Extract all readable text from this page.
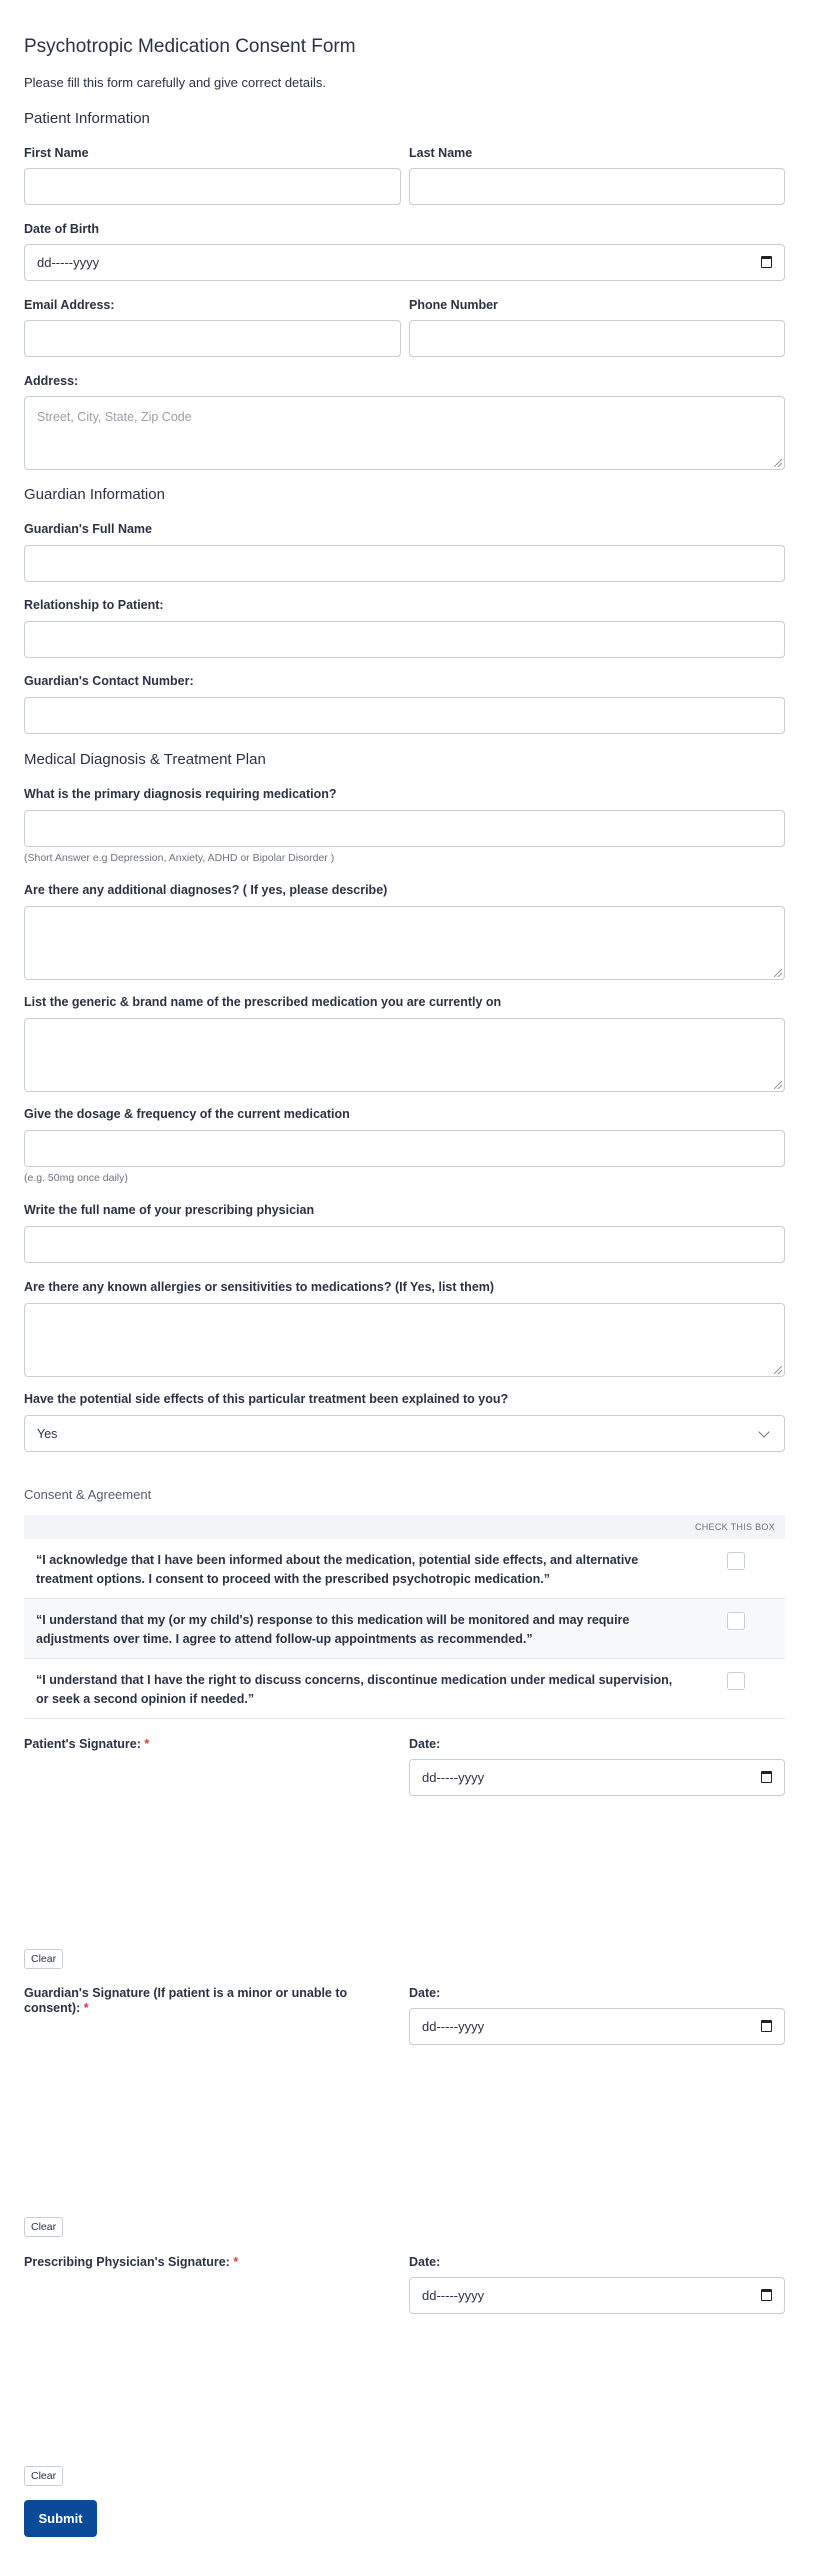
Psychotropic Medication Consent Form
Please fill this form carefully and give correct details.
Patient Information
First Name	Last Name
Date of Birth
dd-----yyyy
Email Address:	Phone Number
Address:
Street, City, State, Zip Code
Guardian Information
Guardian's Full Name
Relationship to Patient:
Guardian's Contact Number:
Medical Diagnosis & Treatment Plan
What is the primary diagnosis requiring medication?
(Short Answer e.g Depression, Anxiety, ADHD or Bipolar Disorder )
Are there any additional diagnoses? ( If yes, please describe)
List the generic & brand name of the prescribed medication you are currently on
Give the dosage & frequency of the current medication
(e.g. 50mg once daily)
Write the full name of your prescribing physician
Are there any known allergies or sensitivities to medications? (If Yes, list them)
Have the potential side effects of this particular treatment been explained to you?
Yes
Consent & Agreement
CHECK THIS BOX
“I acknowledge that I have been informed about the medication, potential side effects, and alternative treatment options. I consent to proceed with the prescribed psychotropic medication.”
“I understand that my (or my child's) response to this medication will be monitored and may require adjustments over time. I agree to attend follow-up appointments as recommended.”
“I understand that I have the right to discuss concerns, discontinue medication under medical supervision, or seek a second opinion if needed.”
Patient's Signature: *	Date:
dd-----yyyy
Clear
Guardian's Signature (If patient is a minor or unable to consent): *
Date:
dd-----yyyy
Clear
Prescribing Physician's Signature: *	Date:
dd-----yyyy
Clear
Submit
